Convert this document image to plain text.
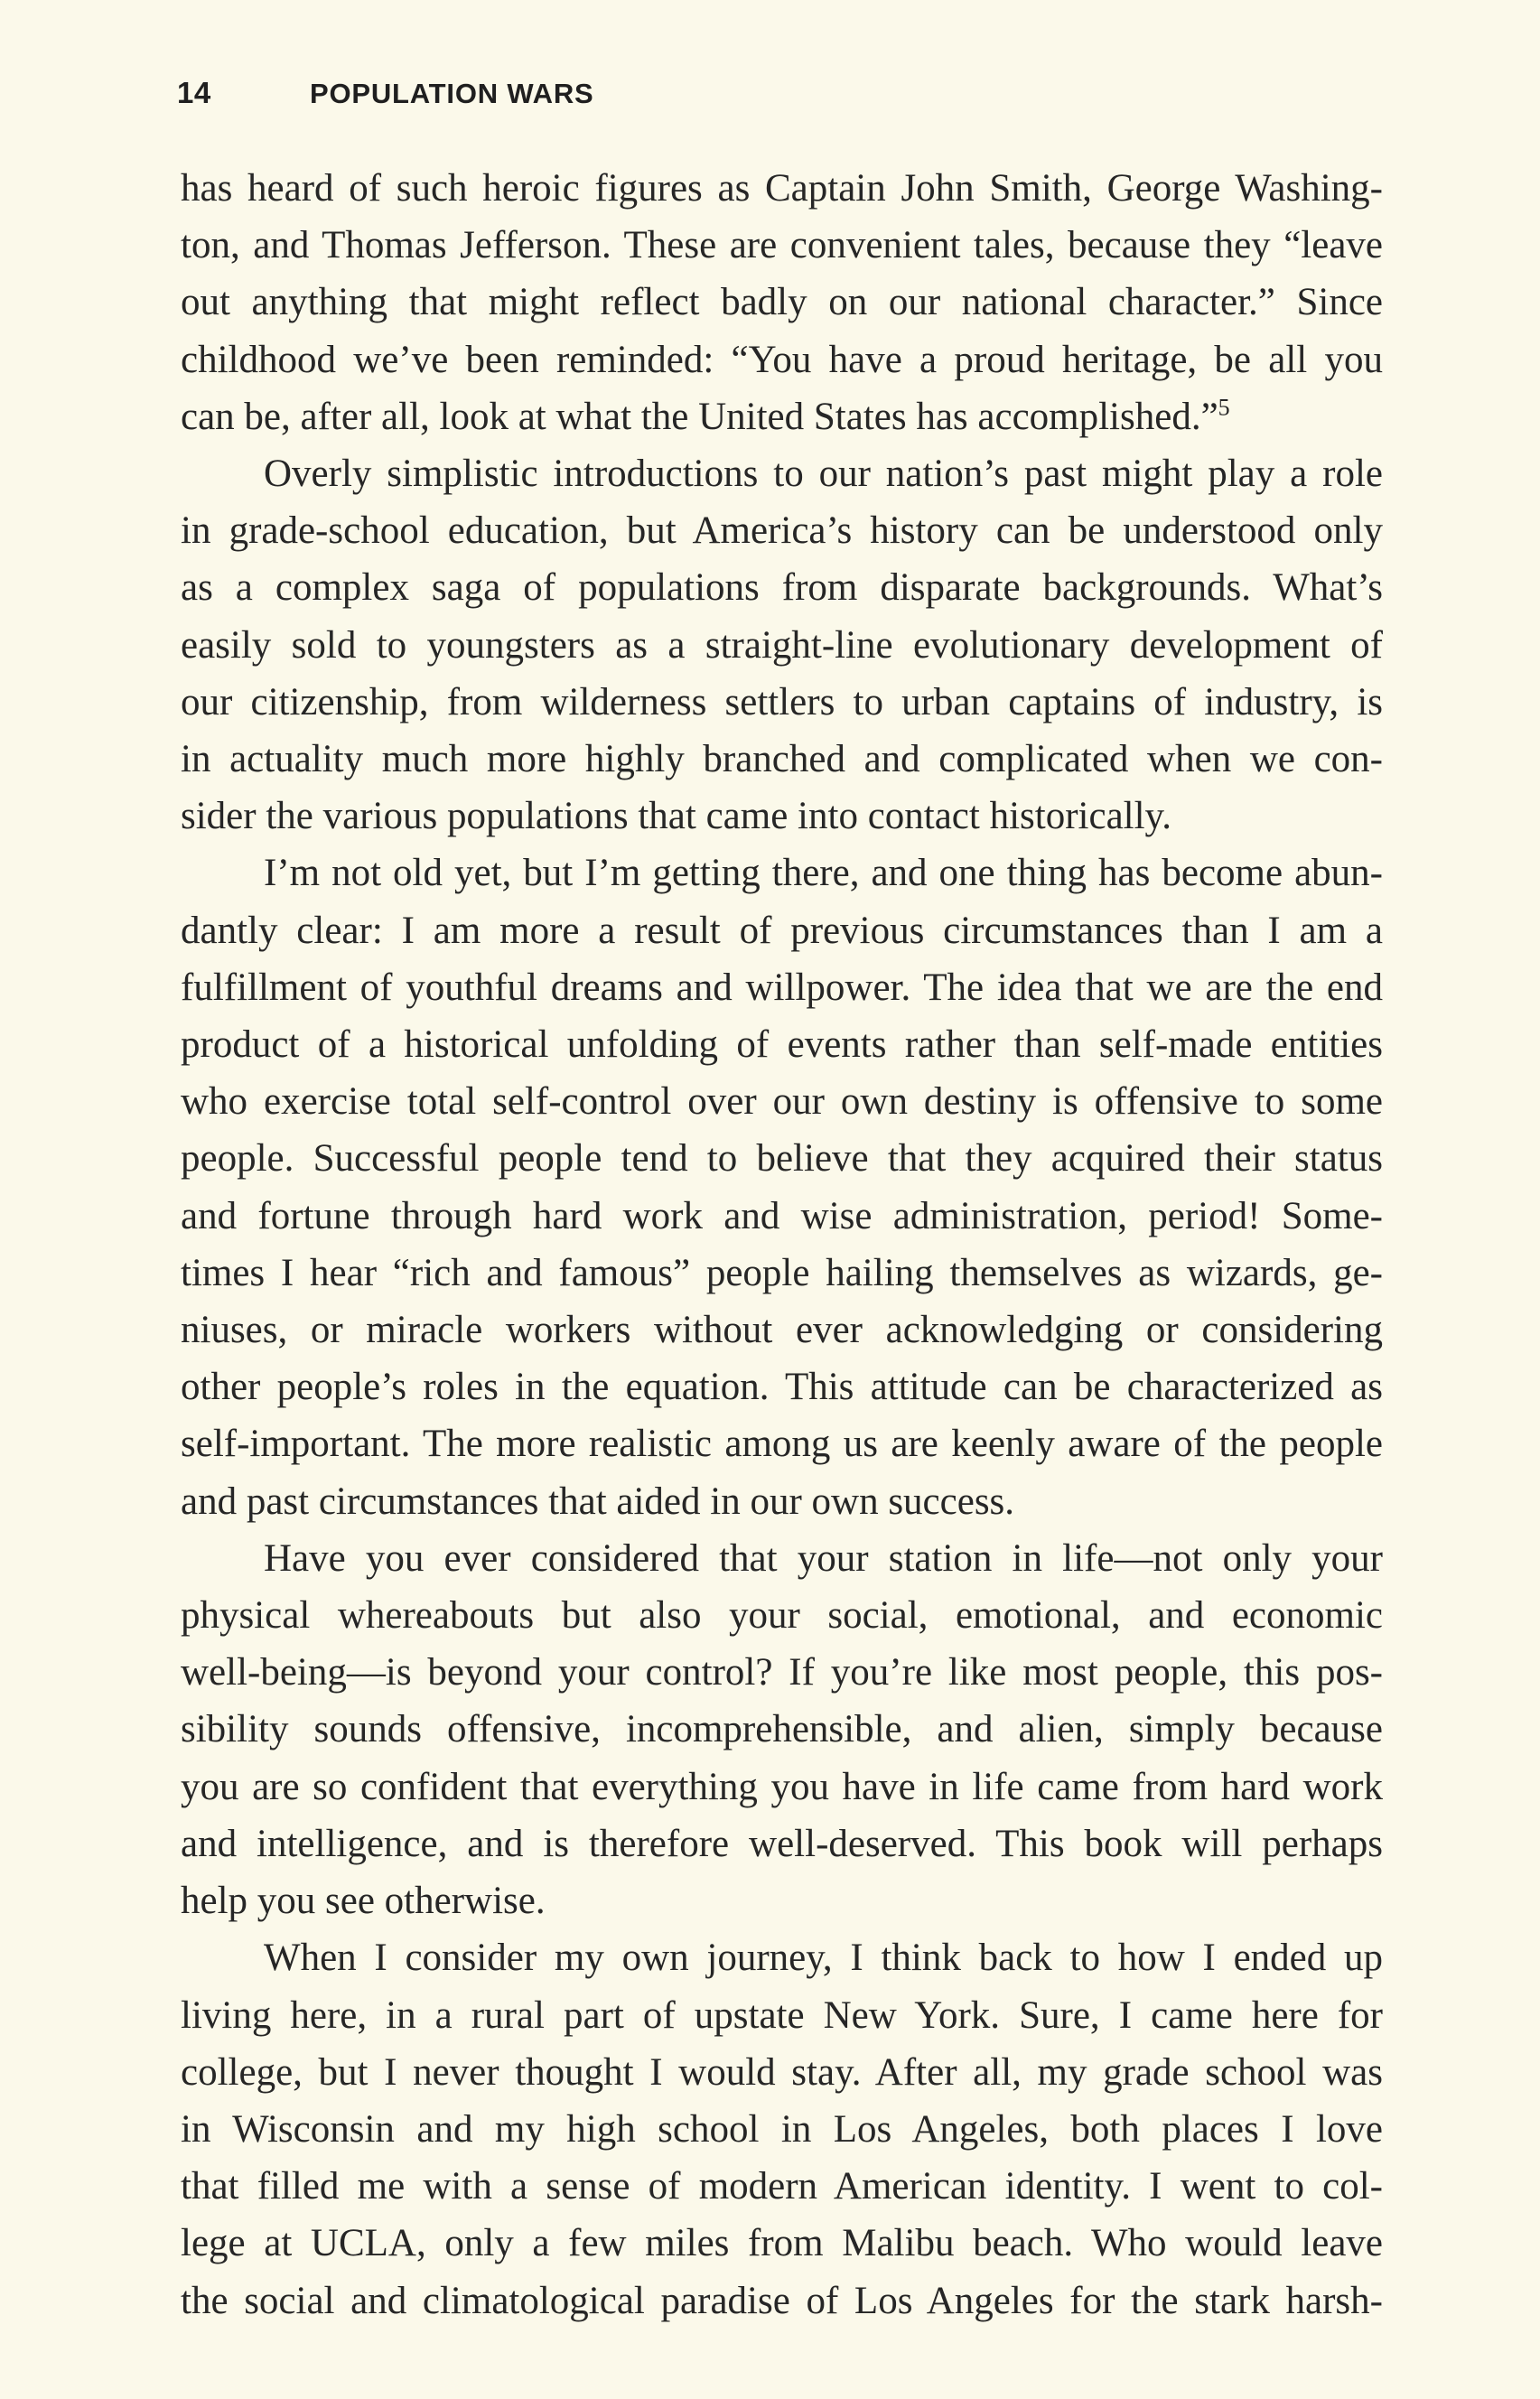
14	POPULATION WARS
has heard of such heroic figures as Captain John Smith, George Washing-
ton, and Thomas Jefferson. These are convenient tales, because they “leave
out anything that might reflect badly on our national character.” Since
childhood we’ve been reminded: “You have a proud heritage, be all you
can be, after all, look at what the United States has accomplished.”$^5$
Overly simplistic introductions to our nation’s past might play a role
in grade-school education, but America’s history can be understood only
as a complex saga of populations from disparate backgrounds. What’s
easily sold to youngsters as a straight-line evolutionary development of
our citizenship, from wilderness settlers to urban captains of industry, is
in actuality much more highly branched and complicated when we con-
sider the various populations that came into contact historically.
I’m not old yet, but I’m getting there, and one thing has become abun-
dantly clear: I am more a result of previous circumstances than I am a
fulfillment of youthful dreams and willpower. The idea that we are the end
product of a historical unfolding of events rather than self-made entities
who exercise total self-control over our own destiny is offensive to some
people. Successful people tend to believe that they acquired their status
and fortune through hard work and wise administration, period! Some-
times I hear “rich and famous” people hailing themselves as wizards, ge-
niuses, or miracle workers without ever acknowledging or considering
other people’s roles in the equation. This attitude can be characterized as
self-important. The more realistic among us are keenly aware of the people
and past circumstances that aided in our own success.
Have you ever considered that your station in life—not only your
physical whereabouts but also your social, emotional, and economic
well-being—is beyond your control? If you’re like most people, this pos-
sibility sounds offensive, incomprehensible, and alien, simply because
you are so confident that everything you have in life came from hard work
and intelligence, and is therefore well-deserved. This book will perhaps
help you see otherwise.
When I consider my own journey, I think back to how I ended up
living here, in a rural part of upstate New York. Sure, I came here for
college, but I never thought I would stay. After all, my grade school was
in Wisconsin and my high school in Los Angeles, both places I love
that filled me with a sense of modern American identity. I went to col-
lege at UCLA, only a few miles from Malibu beach. Who would leave
the social and climatological paradise of Los Angeles for the stark harsh-
